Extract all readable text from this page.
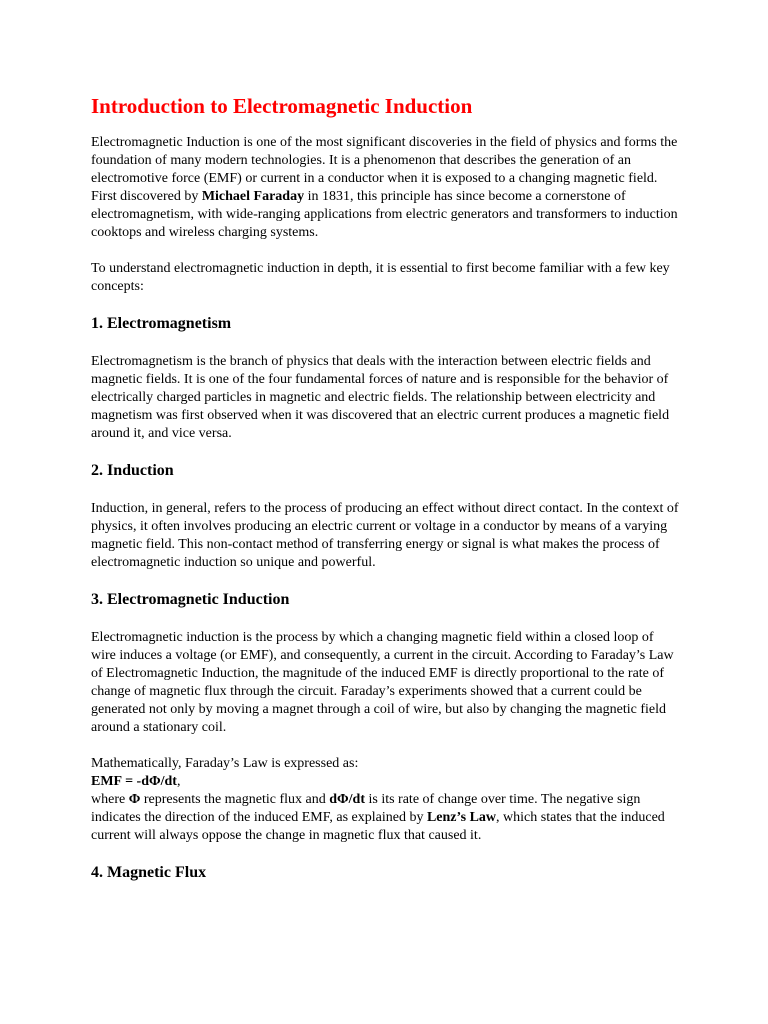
Introduction to Electromagnetic Induction

Electromagnetic Induction is one of the most significant discoveries in the field of physics and forms the foundation of many modern technologies. It is a phenomenon that describes the generation of an electromotive force (EMF) or current in a conductor when it is exposed to a changing magnetic field. First discovered by Michael Faraday in 1831, this principle has since become a cornerstone of electromagnetism, with wide-ranging applications from electric generators and transformers to induction cooktops and wireless charging systems.

To understand electromagnetic induction in depth, it is essential to first become familiar with a few key concepts:

1. Electromagnetism

Electromagnetism is the branch of physics that deals with the interaction between electric fields and magnetic fields. It is one of the four fundamental forces of nature and is responsible for the behavior of electrically charged particles in magnetic and electric fields. The relationship between electricity and magnetism was first observed when it was discovered that an electric current produces a magnetic field around it, and vice versa.

2. Induction

Induction, in general, refers to the process of producing an effect without direct contact. In the context of physics, it often involves producing an electric current or voltage in a conductor by means of a varying magnetic field. This non-contact method of transferring energy or signal is what makes the process of electromagnetic induction so unique and powerful.

3. Electromagnetic Induction

Electromagnetic induction is the process by which a changing magnetic field within a closed loop of wire induces a voltage (or EMF), and consequently, a current in the circuit. According to Faraday’s Law of Electromagnetic Induction, the magnitude of the induced EMF is directly proportional to the rate of change of magnetic flux through the circuit. Faraday’s experiments showed that a current could be generated not only by moving a magnet through a coil of wire, but also by changing the magnetic field around a stationary coil.

Mathematically, Faraday’s Law is expressed as:

EMF = -dΦ/dt,

where Φ represents the magnetic flux and dΦ/dt is its rate of change over time. The negative sign indicates the direction of the induced EMF, as explained by Lenz’s Law, which states that the induced current will always oppose the change in magnetic flux that caused it.

4. Magnetic Flux
